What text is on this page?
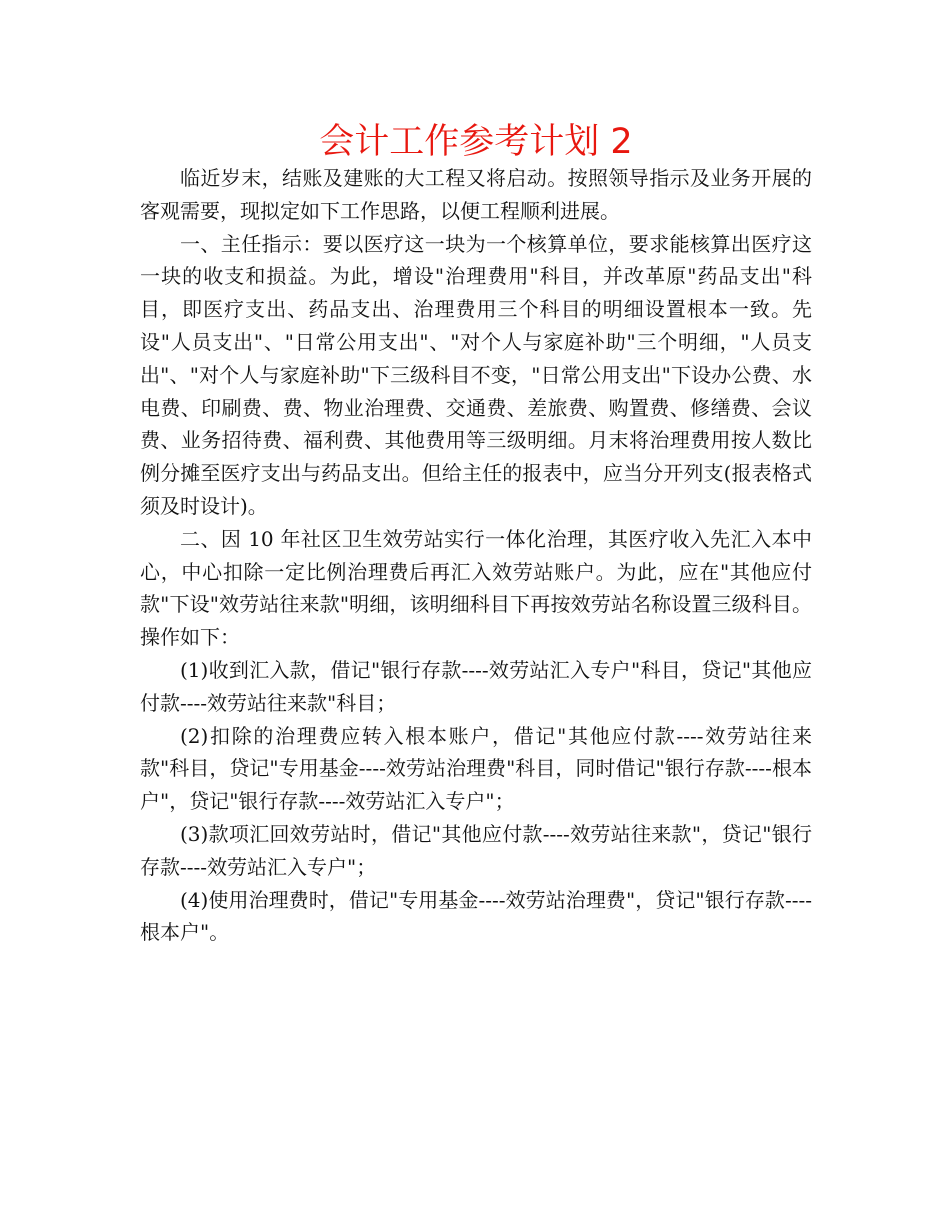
会计工作参考计划 2

临近岁末，结账及建账的大工程又将启动。按照领导指示及业务开展的客观需要，现拟定如下工作思路，以便工程顺利进展。

一、主任指示：要以医疗这一块为一个核算单位，要求能核算出医疗这一块的收支和损益。为此，增设"治理费用"科目，并改革原"药品支出"科目，即医疗支出、药品支出、治理费用三个科目的明细设置根本一致。先设"人员支出"、"日常公用支出"、"对个人与家庭补助"三个明细，"人员支出"、"对个人与家庭补助"下三级科目不变，"日常公用支出"下设办公费、水电费、印刷费、费、物业治理费、交通费、差旅费、购置费、修缮费、会议费、业务招待费、福利费、其他费用等三级明细。月末将治理费用按人数比例分摊至医疗支出与药品支出。但给主任的报表中，应当分开列支(报表格式须及时设计)。

二、因 10 年社区卫生效劳站实行一体化治理，其医疗收入先汇入本中心，中心扣除一定比例治理费后再汇入效劳站账户。为此，应在"其他应付款"下设"效劳站往来款"明细，该明细科目下再按效劳站名称设置三级科目。操作如下：

(1)收到汇入款，借记"银行存款----效劳站汇入专户"科目，贷记"其他应付款----效劳站往来款"科目；

(2)扣除的治理费应转入根本账户，借记"其他应付款----效劳站往来款"科目，贷记"专用基金----效劳站治理费"科目，同时借记"银行存款----根本户"，贷记"银行存款----效劳站汇入专户"；

(3)款项汇回效劳站时，借记"其他应付款----效劳站往来款"，贷记"银行存款----效劳站汇入专户"；

(4)使用治理费时，借记"专用基金----效劳站治理费"，贷记"银行存款----根本户"。
